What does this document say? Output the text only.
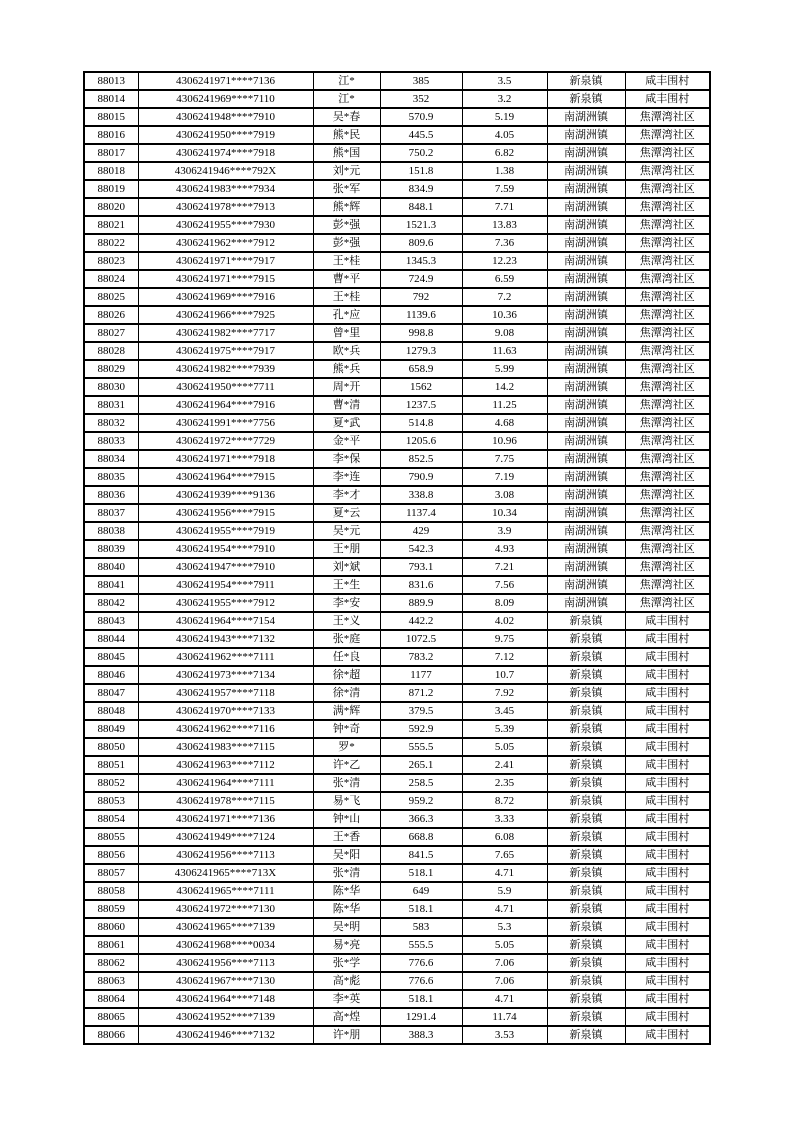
88013	4306241971****7136	江*	385	3.5	新泉镇	咸丰围村
88014	4306241969****7110	江*	352	3.2	新泉镇	咸丰围村
88015	4306241948****7910	吴*春	570.9	5.19	南湖洲镇	焦潭湾社区
88016	4306241950****7919	熊*民	445.5	4.05	南湖洲镇	焦潭湾社区
88017	4306241974****7918	熊*国	750.2	6.82	南湖洲镇	焦潭湾社区
88018	4306241946****792X	刘*元	151.8	1.38	南湖洲镇	焦潭湾社区
88019	4306241983****7934	张*军	834.9	7.59	南湖洲镇	焦潭湾社区
88020	4306241978****7913	熊*辉	848.1	7.71	南湖洲镇	焦潭湾社区
88021	4306241955****7930	彭*强	1521.3	13.83	南湖洲镇	焦潭湾社区
88022	4306241962****7912	彭*强	809.6	7.36	南湖洲镇	焦潭湾社区
88023	4306241971****7917	王*桂	1345.3	12.23	南湖洲镇	焦潭湾社区
88024	4306241971****7915	曹*平	724.9	6.59	南湖洲镇	焦潭湾社区
88025	4306241969****7916	王*桂	792	7.2	南湖洲镇	焦潭湾社区
88026	4306241966****7925	孔*应	1139.6	10.36	南湖洲镇	焦潭湾社区
88027	4306241982****7717	曾*里	998.8	9.08	南湖洲镇	焦潭湾社区
88028	4306241975****7917	欧*兵	1279.3	11.63	南湖洲镇	焦潭湾社区
88029	4306241982****7939	熊*兵	658.9	5.99	南湖洲镇	焦潭湾社区
88030	4306241950****7711	周*开	1562	14.2	南湖洲镇	焦潭湾社区
88031	4306241964****7916	曹*清	1237.5	11.25	南湖洲镇	焦潭湾社区
88032	4306241991****7756	夏*武	514.8	4.68	南湖洲镇	焦潭湾社区
88033	4306241972****7729	金*平	1205.6	10.96	南湖洲镇	焦潭湾社区
88034	4306241971****7918	李*保	852.5	7.75	南湖洲镇	焦潭湾社区
88035	4306241964****7915	李*连	790.9	7.19	南湖洲镇	焦潭湾社区
88036	4306241939****9136	李*才	338.8	3.08	南湖洲镇	焦潭湾社区
88037	4306241956****7915	夏*云	1137.4	10.34	南湖洲镇	焦潭湾社区
88038	4306241955****7919	吴*元	429	3.9	南湖洲镇	焦潭湾社区
88039	4306241954****7910	王*朋	542.3	4.93	南湖洲镇	焦潭湾社区
88040	4306241947****7910	刘*斌	793.1	7.21	南湖洲镇	焦潭湾社区
88041	4306241954****7911	王*生	831.6	7.56	南湖洲镇	焦潭湾社区
88042	4306241955****7912	李*安	889.9	8.09	南湖洲镇	焦潭湾社区
88043	4306241964****7154	王*义	442.2	4.02	新泉镇	咸丰围村
88044	4306241943****7132	张*庭	1072.5	9.75	新泉镇	咸丰围村
88045	4306241962****7111	任*良	783.2	7.12	新泉镇	咸丰围村
88046	4306241973****7134	徐*超	1177	10.7	新泉镇	咸丰围村
88047	4306241957****7118	徐*清	871.2	7.92	新泉镇	咸丰围村
88048	4306241970****7133	满*辉	379.5	3.45	新泉镇	咸丰围村
88049	4306241962****7116	钟*奇	592.9	5.39	新泉镇	咸丰围村
88050	4306241983****7115	罗*	555.5	5.05	新泉镇	咸丰围村
88051	4306241963****7112	许*乙	265.1	2.41	新泉镇	咸丰围村
88052	4306241964****7111	张*清	258.5	2.35	新泉镇	咸丰围村
88053	4306241978****7115	易*飞	959.2	8.72	新泉镇	咸丰围村
88054	4306241971****7136	钟*山	366.3	3.33	新泉镇	咸丰围村
88055	4306241949****7124	王*香	668.8	6.08	新泉镇	咸丰围村
88056	4306241956****7113	吴*阳	841.5	7.65	新泉镇	咸丰围村
88057	4306241965****713X	张*清	518.1	4.71	新泉镇	咸丰围村
88058	4306241965****7111	陈*华	649	5.9	新泉镇	咸丰围村
88059	4306241972****7130	陈*华	518.1	4.71	新泉镇	咸丰围村
88060	4306241965****7139	吴*明	583	5.3	新泉镇	咸丰围村
88061	4306241968****0034	易*亮	555.5	5.05	新泉镇	咸丰围村
88062	4306241956****7113	张*学	776.6	7.06	新泉镇	咸丰围村
88063	4306241967****7130	高*彪	776.6	7.06	新泉镇	咸丰围村
88064	4306241964****7148	李*英	518.1	4.71	新泉镇	咸丰围村
88065	4306241952****7139	高*煌	1291.4	11.74	新泉镇	咸丰围村
88066	4306241946****7132	许*朋	388.3	3.53	新泉镇	咸丰围村
